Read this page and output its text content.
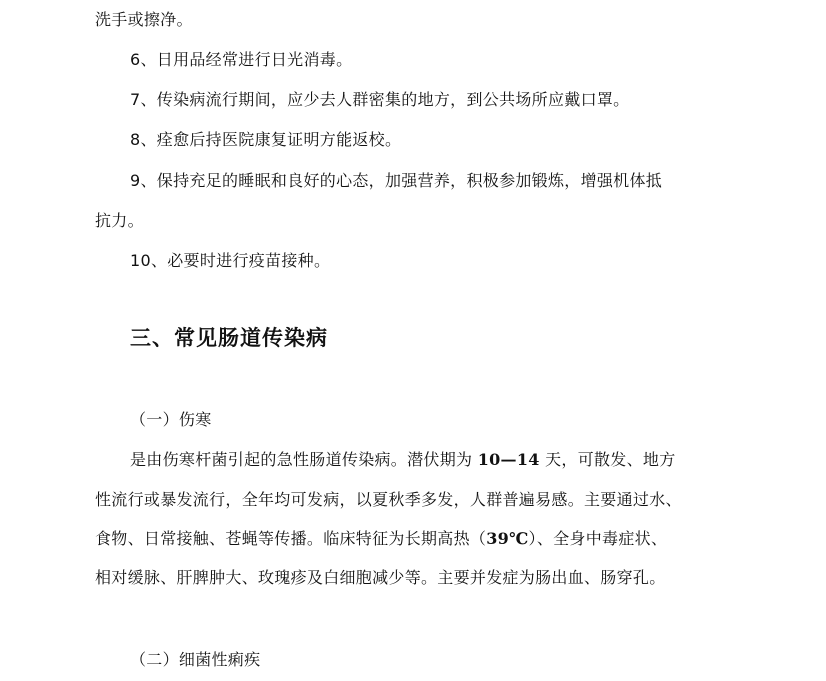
洗手或擦净。
6、日用品经常进行日光消毒。
7、传染病流行期间，应少去人群密集的地方，到公共场所应戴口罩。
8、痊愈后持医院康复证明方能返校。
9、保持充足的睡眠和良好的心态，加强营养，积极参加锻炼，增强机体抵
抗力。
10、必要时进行疫苗接种。
三、常见肠道传染病
（一）伤寒
是由伤寒杆菌引起的急性肠道传染病。潜伏期为 10—14 天，可散发、地方
性流行或暴发流行，全年均可发病，以夏秋季多发，人群普遍易感。主要通过水、
食物、日常接触、苍蝇等传播。临床特征为长期高热（39℃）、全身中毒症状、
相对缓脉、肝脾肿大、玫瑰疹及白细胞减少等。主要并发症为肠出血、肠穿孔。
（二）细菌性痢疾
